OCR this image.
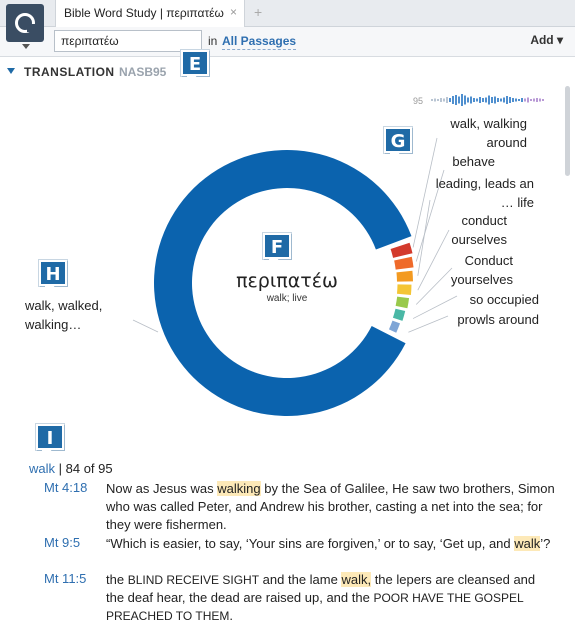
Bible Word Study | περιπατέω × +
περιπατέω
in All Passages	Add ▾
E
TRANSLATION NASB95
95
περιπατέω
walk; live
walk, walked,
walking…
walk, walking
around
behave
leading, leads an
… life
conduct
ourselves
Conduct
yourselves
so occupied
prowls around
G
F
H
I
walk | 84 of 95
Mt 4:18 Now as Jesus was walking by the Sea of Galilee, He saw two brothers, Simon who was called Peter, and Andrew his brother, casting a net into the sea; for they were fishermen.
Mt 9:5 “Which is easier, to say, ‘Your sins are forgiven,’ or to say, ‘Get up, and walk’?
Mt 11:5 the BLIND RECEIVE SIGHT and the lame walk, the lepers are cleansed and the deaf hear, the dead are raised up, and the POOR HAVE THE GOSPEL PREACHED TO THEM.
